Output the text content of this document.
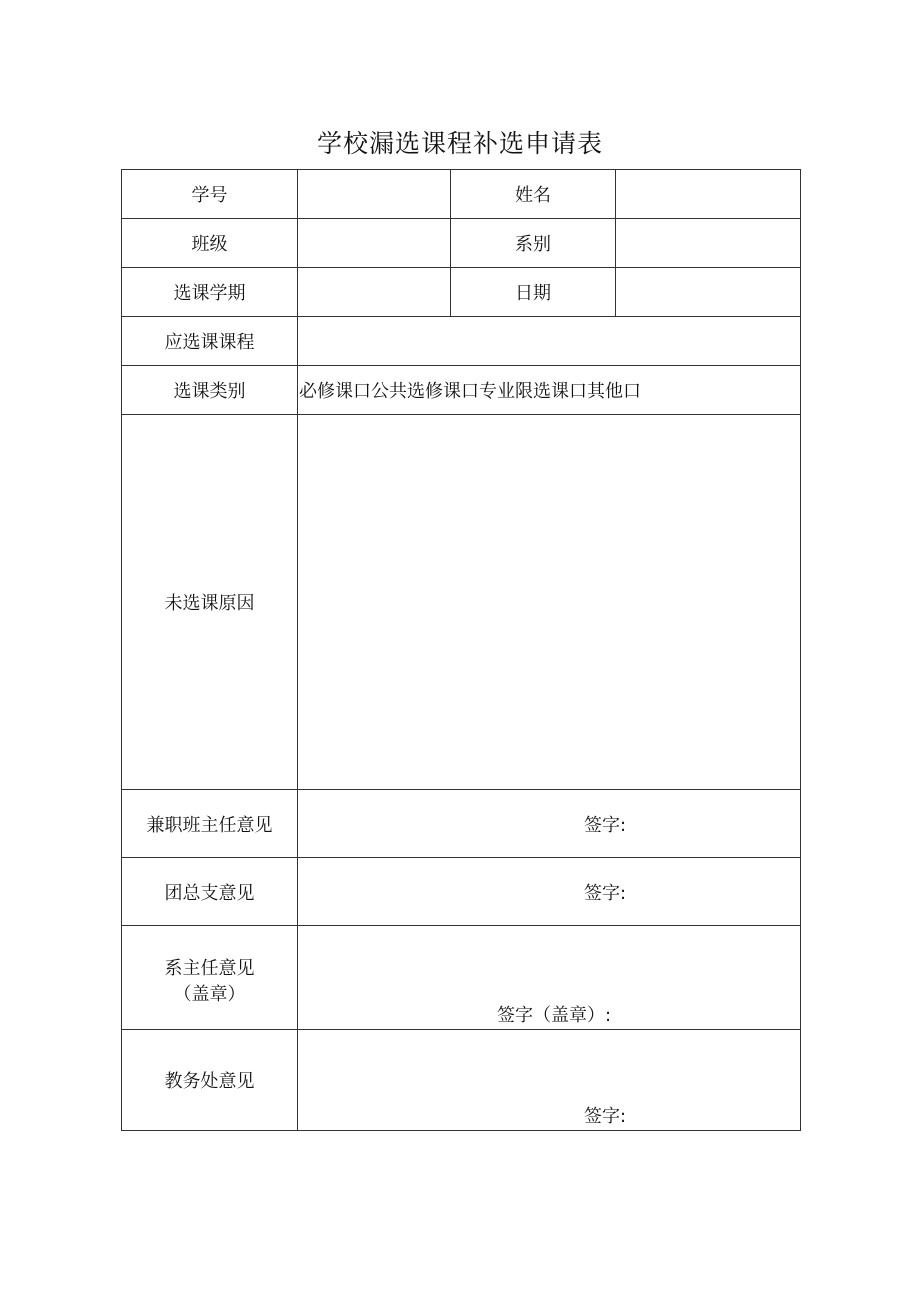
学校漏选课程补选申请表
学号		姓名	
班级		系别	
选课学期		日期	
应选课课程			
选课类别	必修课口公共选修课口专业限选课口其他口		
未选课原因			
兼职班主任意见	签字:		

团总支意见	签字:		

系主任意见
（盖章）	签字（盖章）:		

教务处意见	签字:		
